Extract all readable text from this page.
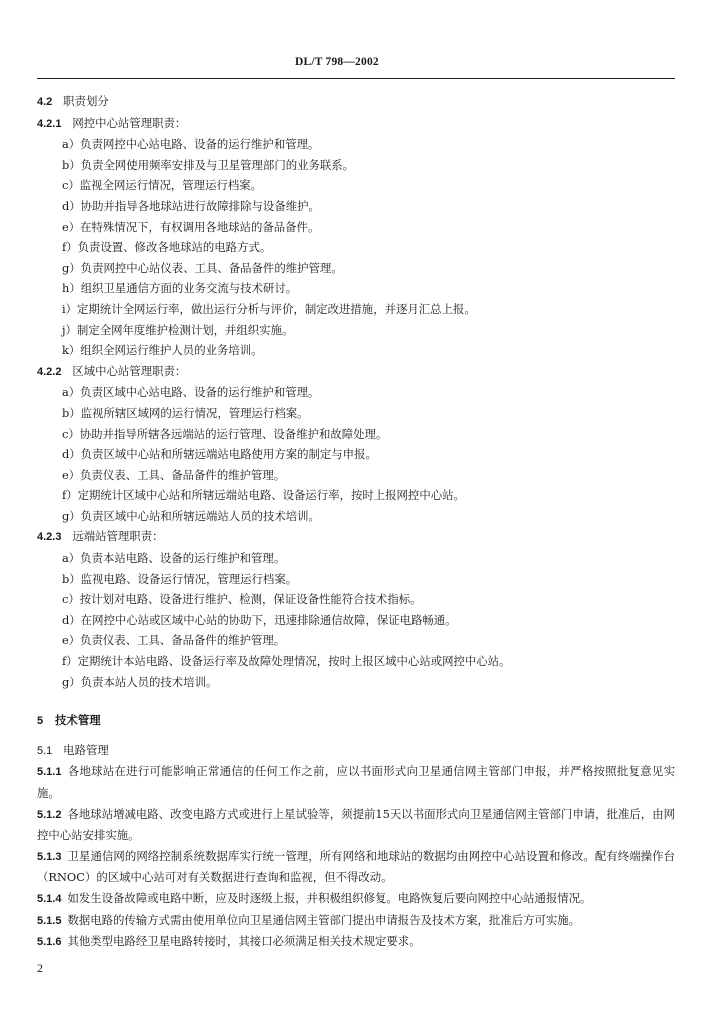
DL/T 798—2002
4.2 职责划分
4.2.1 网控中心站管理职责：
a）负责网控中心站电路、设备的运行维护和管理。
b）负责全网使用频率安排及与卫星管理部门的业务联系。
c）监视全网运行情况，管理运行档案。
d）协助并指导各地球站进行故障排除与设备维护。
e）在特殊情况下，有权调用各地球站的备品备件。
f）负责设置、修改各地球站的电路方式。
g）负责网控中心站仪表、工具、备品备件的维护管理。
h）组织卫星通信方面的业务交流与技术研讨。
i）定期统计全网运行率，做出运行分析与评价，制定改进措施，并逐月汇总上报。
j）制定全网年度维护检测计划，并组织实施。
k）组织全网运行维护人员的业务培训。
4.2.2 区域中心站管理职责：
a）负责区域中心站电路、设备的运行维护和管理。
b）监视所辖区域网的运行情况，管理运行档案。
c）协助并指导所辖各远端站的运行管理、设备维护和故障处理。
d）负责区域中心站和所辖远端站电路使用方案的制定与申报。
e）负责仪表、工具、备品备件的维护管理。
f）定期统计区域中心站和所辖远端站电路、设备运行率，按时上报网控中心站。
g）负责区域中心站和所辖远端站人员的技术培训。
4.2.3 远端站管理职责：
a）负责本站电路、设备的运行维护和管理。
b）监视电路、设备运行情况，管理运行档案。
c）按计划对电路、设备进行维护、检测，保证设备性能符合技术指标。
d）在网控中心站或区域中心站的协助下，迅速排除通信故障，保证电路畅通。
e）负责仪表、工具、备品备件的维护管理。
f）定期统计本站电路、设备运行率及故障处理情况，按时上报区域中心站或网控中心站。
g）负责本站人员的技术培训。
5 技术管理
5.1 电路管理
5.1.1 各地球站在进行可能影响正常通信的任何工作之前，应以书面形式向卫星通信网主管部门申报，并严格按照批复意见实施。
5.1.2 各地球站增减电路、改变电路方式或进行上星试验等，须提前15天以书面形式向卫星通信网主管部门申请，批准后，由网控中心站安排实施。
5.1.3 卫星通信网的网络控制系统数据库实行统一管理，所有网络和地球站的数据均由网控中心站设置和修改。配有终端操作台（RNOC）的区域中心站可对有关数据进行查询和监视，但不得改动。
5.1.4 如发生设备故障或电路中断，应及时逐级上报，并积极组织修复。电路恢复后要向网控中心站通报情况。
5.1.5 数据电路的传输方式需由使用单位向卫星通信网主管部门提出申请报告及技术方案，批准后方可实施。
5.1.6 其他类型电路经卫星电路转接时，其接口必须满足相关技术规定要求。
2
